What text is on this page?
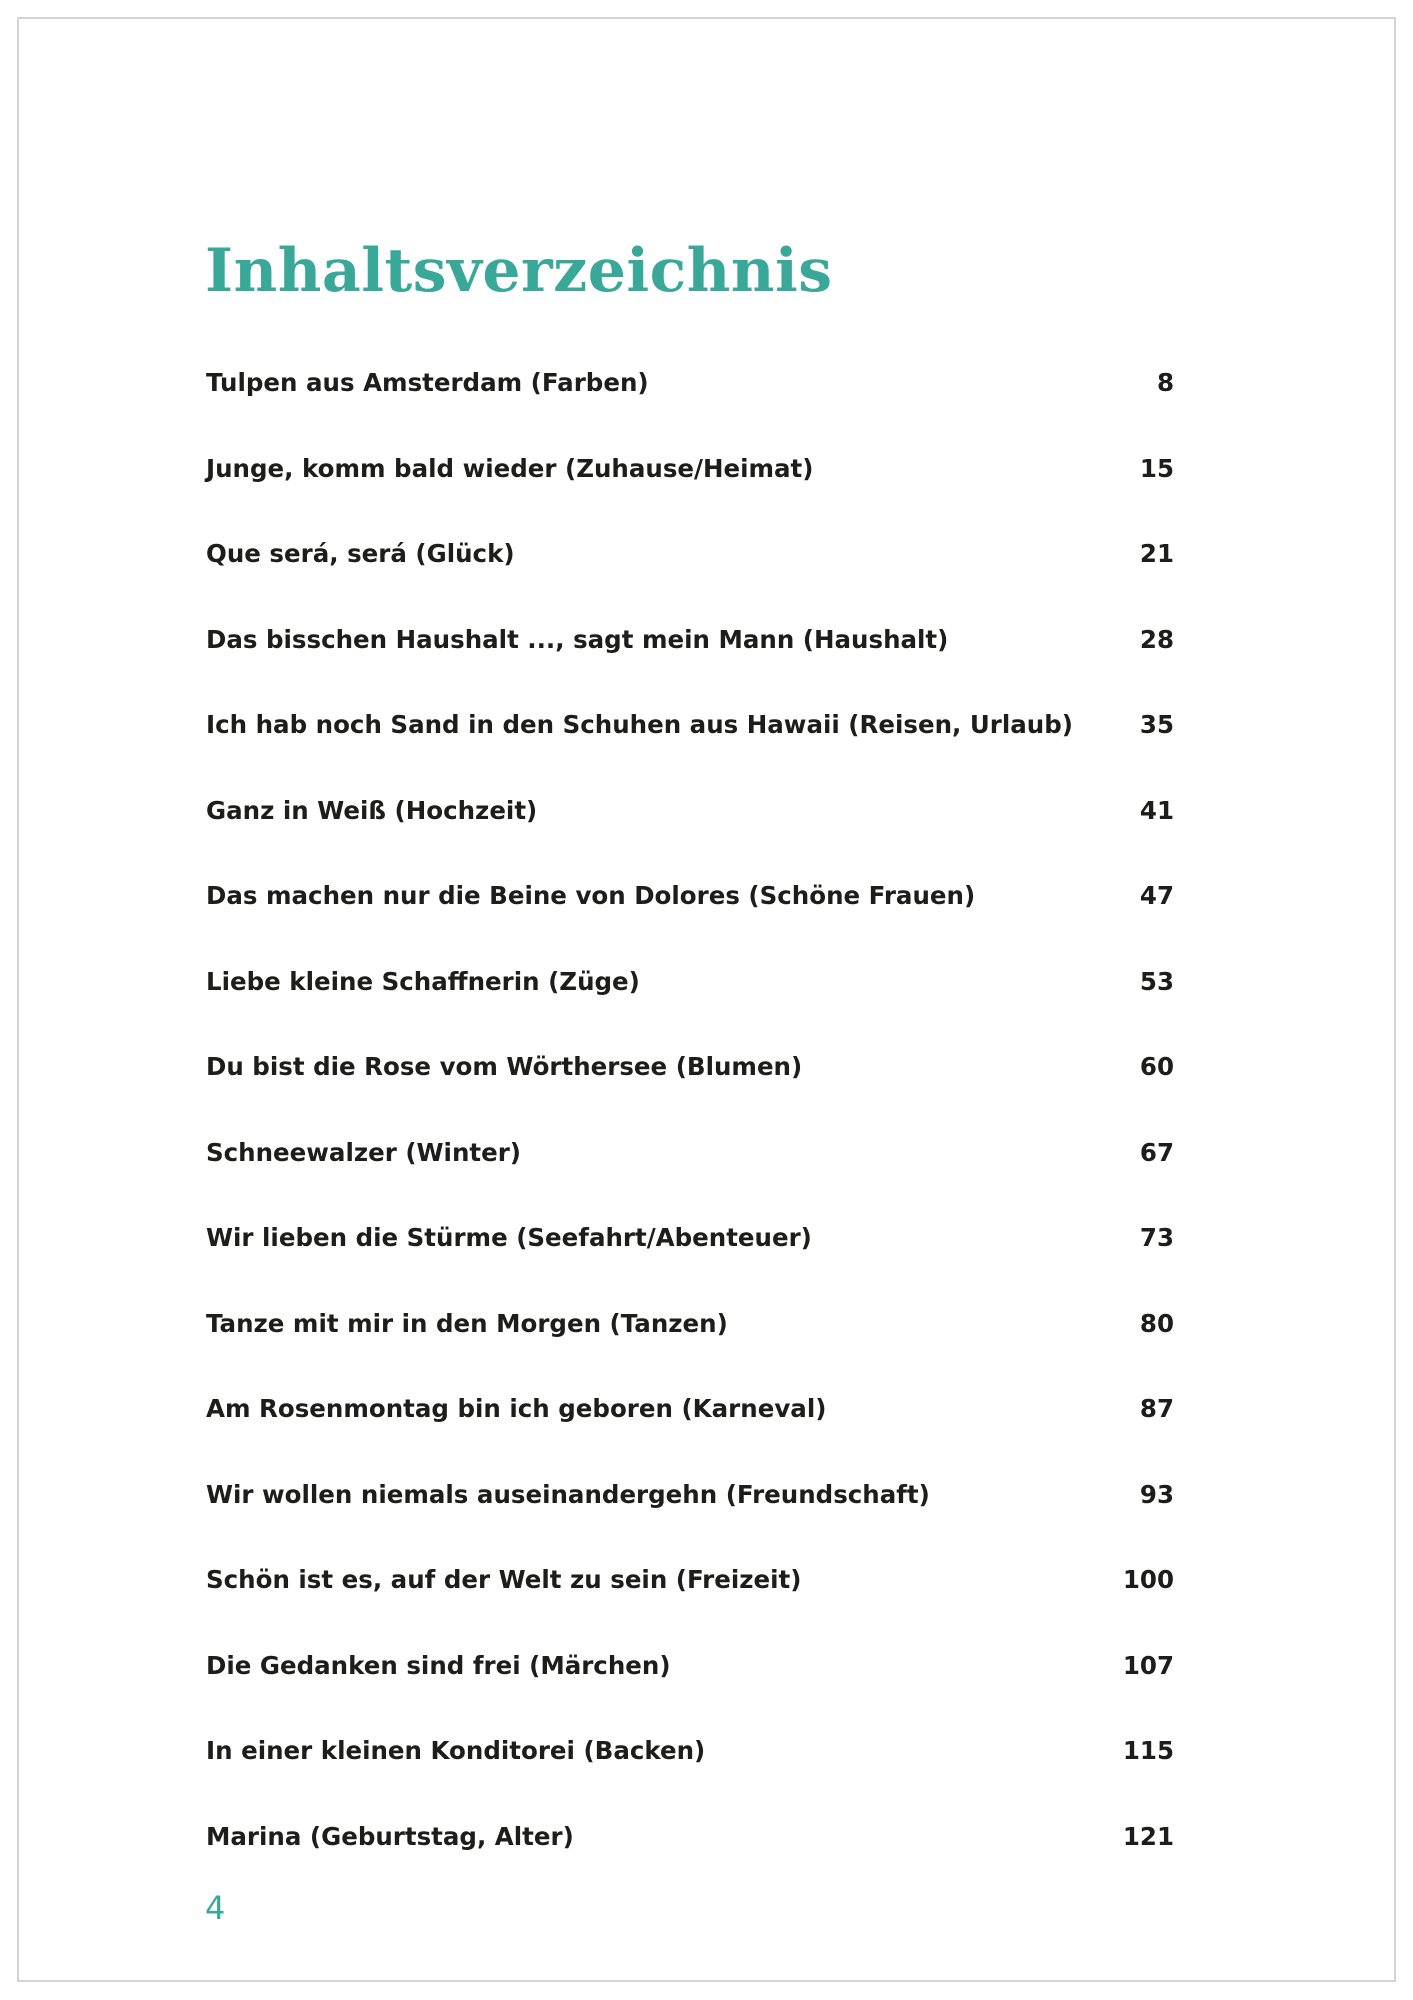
Inhaltsverzeichnis
Tulpen aus Amsterdam (Farben)	8
Junge, komm bald wieder (Zuhause/Heimat)	15
Que será, será (Glück)	21
Das bisschen Haushalt ..., sagt mein Mann (Haushalt)	28
Ich hab noch Sand in den Schuhen aus Hawaii (Reisen, Urlaub)	35
Ganz in Weiß (Hochzeit)	41
Das machen nur die Beine von Dolores (Schöne Frauen)	47
Liebe kleine Schaffnerin (Züge)	53
Du bist die Rose vom Wörthersee (Blumen)	60
Schneewalzer (Winter)	67
Wir lieben die Stürme (Seefahrt/Abenteuer)	73
Tanze mit mir in den Morgen (Tanzen)	80
Am Rosenmontag bin ich geboren (Karneval)	87
Wir wollen niemals auseinandergehn (Freundschaft)	93
Schön ist es, auf der Welt zu sein (Freizeit)	100
Die Gedanken sind frei (Märchen)	107
In einer kleinen Konditorei (Backen)	115
Marina (Geburtstag, Alter)	121
4
